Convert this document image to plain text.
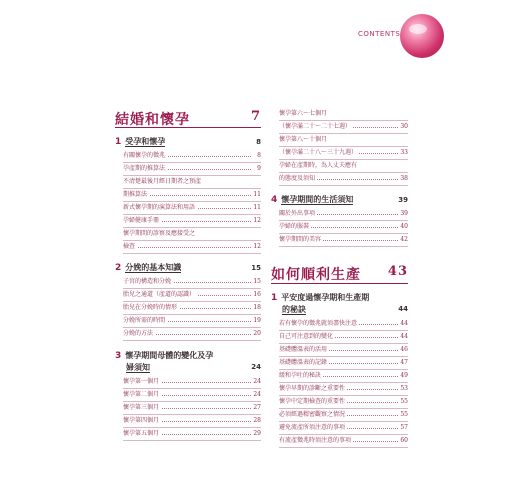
CONTENTS
結婚和懷孕	7
1 受孕和懷孕	8
有關懷孕的徵兆	8
孕產期的推算法	9
不清楚最後月經日期者之預產
期推算法	11
新式懷孕期的演算法和用語	11
孕婦健康手冊	12
懷孕期間的診察及應接受之
檢查	12
2 分娩的基本知識	15
子宮的構造和分娩	15
胎兒之通道（產道的認識）	16
胎兒在分娩時的情形	18
分娩所需的時間	19
分娩的方法	20
3 懷孕期間母體的變化及孕
婦須知	24
懷孕第一個月	24
懷孕第二個月	24
懷孕第三個月	27
懷孕第四個月	28
懷孕第五個月	29
懷孕第六～七個月
（懷孕滿二十～二十七週）	30
懷孕第八～十個月
（懷孕滿二十八～三十九週）	33
孕婦在產期時，為人丈夫應有
的態度及須知	38
4 懷孕期間的生活須知	39
關於外出事項	39
孕婦的服裝	40
懷孕期間的美容	42
如何順利生產 43
1 平安度過懷孕期和生產期
的秘訣	44
若有懷孕的徵兆就須盡快注意	44
自己可注意到的變化	44
基礎體溫表的活用	46
基礎體溫表的記錄	47
緩和孕吐的秘訣	49
懷孕早期的診斷之重要性	53
懷孕中定期檢查的重要性	55
必須經過精密觀察之情況	55
避免流產所須注意的事項	57
有流產徵兆時須注意的事項	60
